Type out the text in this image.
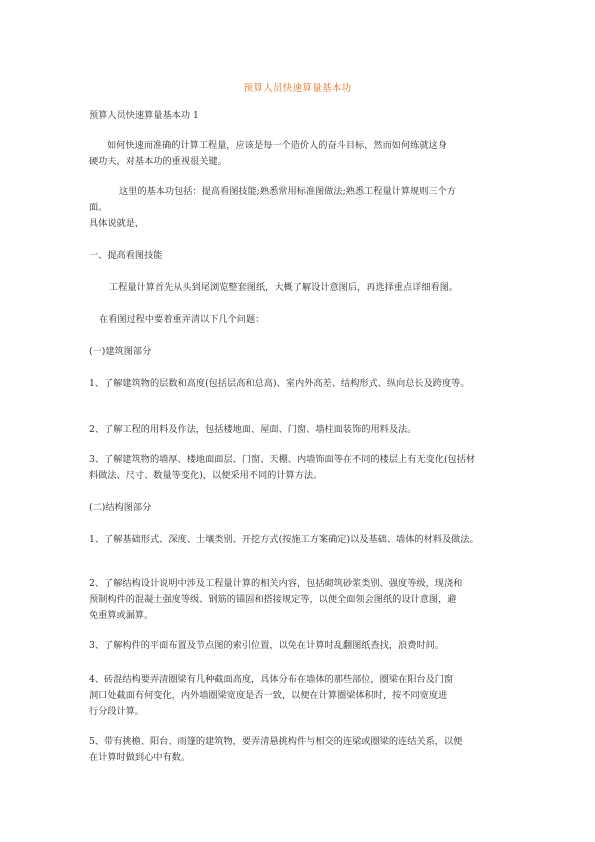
预算人员快速算量基本功

预算人员快速算量基本功 1

如何快速而准确的计算工程量，应该是每一个造价人的奋斗目标，然而如何练就这身
硬功夫，对基本功的重视很关键。

这里的基本功包括：提高看图技能;熟悉常用标准图做法;熟悉工程量计算规则三个方
面。

具体说就是，

一、提高看图技能

工程量计算首先从头到尾浏览整套图纸，大概了解设计意图后，再选择重点详细看图。

在看图过程中要着重弄清以下几个问题：

(一)建筑图部分

1、了解建筑物的层数和高度(包括层高和总高)、室内外高差、结构形式、纵向总长及跨度等。

2、了解工程的用料及作法，包括楼地面、屋面、门窗、墙柱面装饰的用料及法。

3、了解建筑物的墙厚、楼地面面层、门窗、天棚、内墙饰面等在不同的楼层上有无变化(包括材
料做法、尺寸、数量等变化)，以便采用不同的计算方法。

(二)结构图部分

1、了解基础形式、深度、土壤类别、开挖方式(按施工方案确定)以及基础、墙体的材料及做法。

2、了解结构设计说明中涉及工程量计算的相关内容，包括砌筑砂浆类别、强度等级，现浇和
预制构件的混凝土强度等级、钢筋的锚固和搭接规定等，以便全面领会图纸的设计意图，避
免重算或漏算。

3、了解构件的平面布置及节点图的索引位置，以免在计算时乱翻图纸查找，浪费时间。

4、砖混结构要弄清圈梁有几种截面高度，具体分布在墙体的那些部位，圈梁在阳台及门窗
洞口处截面有何变化，内外墙圈梁宽度是否一致，以便在计算圈梁体积时，按不同宽度进
行分段计算。

5、带有挑檐、阳台、雨篷的建筑物，要弄清悬挑构件与相交的连梁或圈梁的连结关系，以便
在计算时做到心中有数。
